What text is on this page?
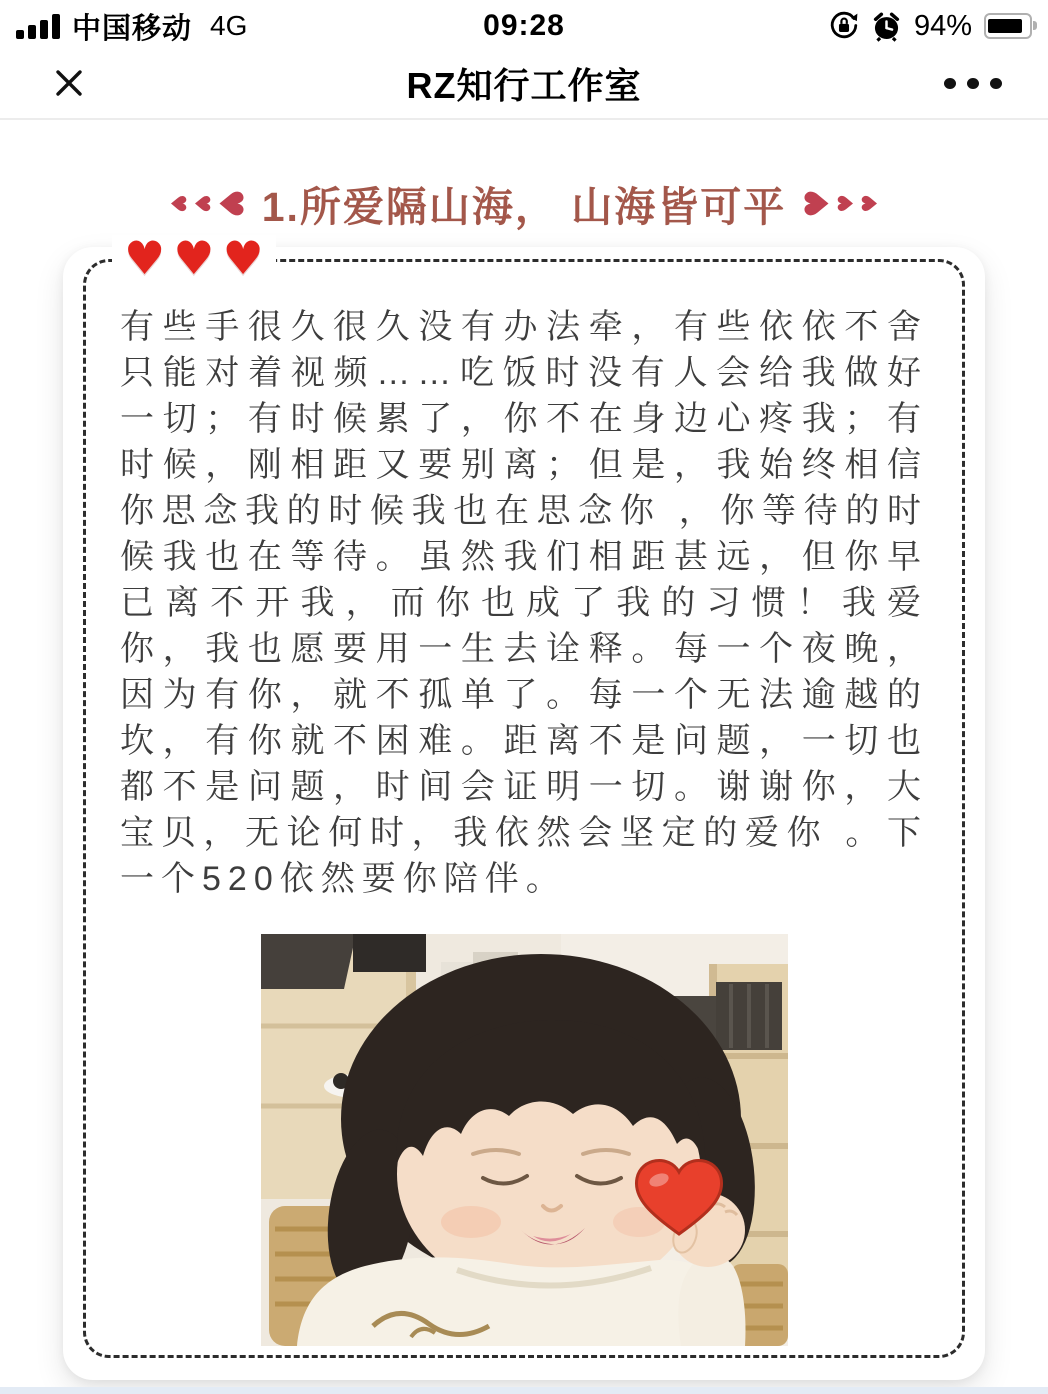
中国移动 4G	09:28	94%
RZ知行工作室
♥ ♥
♥ 1.所爱隔山海， 山海皆可平 ♥
♥ ♥
♥ ♥ ♥

有些手很久很久没有办法牵，有些依依不舍只能对着视频……吃饭时没有人会给我做好一切；有时候累了，你不在身边心疼我；有时候，刚相距又要别离；但是，我始终相信你思念我的时候我也在思念你 ，你等待的时候我也在等待。虽然我们相距甚远，但你早已离不开我，而你也成了我的习惯！我爱你，我也愿要用一生去诠释。每一个夜晚，因为有你，就不孤单了。每一个无法逾越的坎，有你就不困难。距离不是问题，一切也都不是问题，时间会证明一切。谢谢你，大宝贝，无论何时，我依然会坚定的爱你 。下一个520依然要你陪伴。
